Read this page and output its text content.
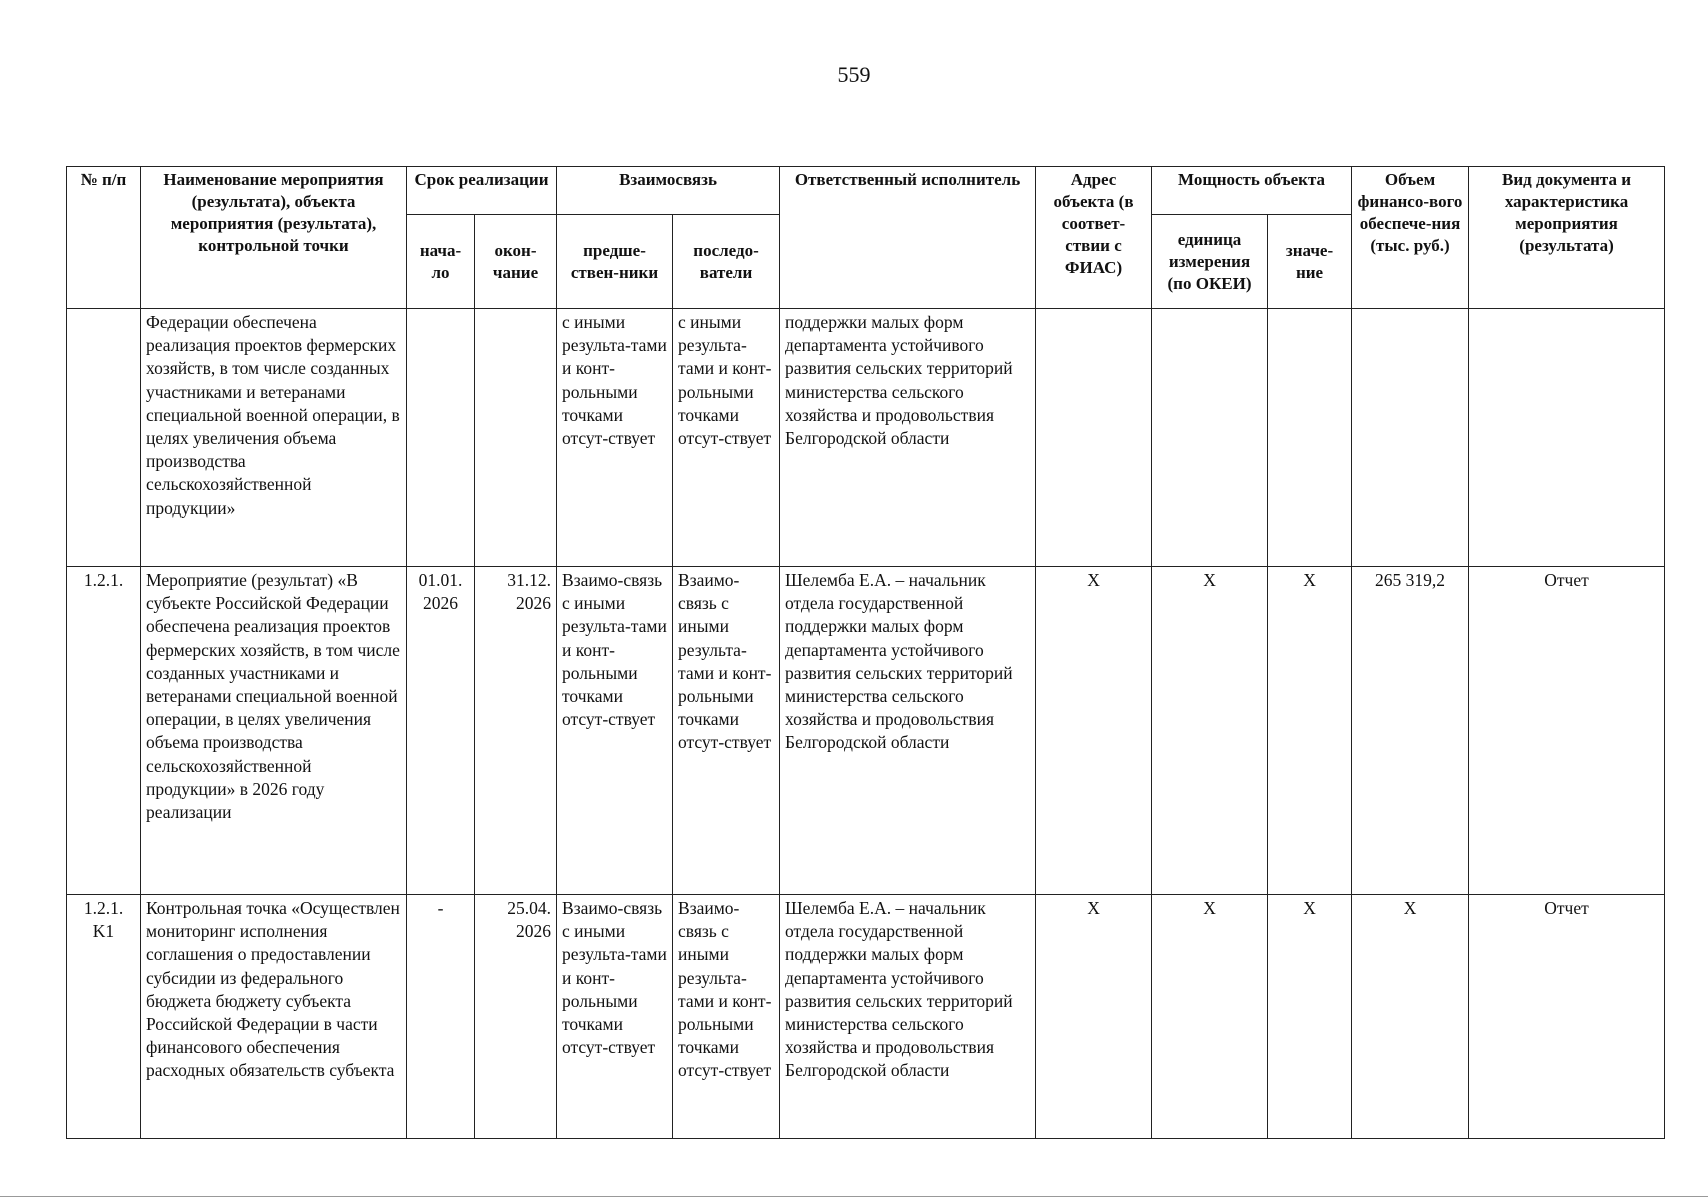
559
№ п/п	Наименование мероприятия (результата), объекта мероприятия (результата), контрольной точки	Срок реализации		Взаимосвязь		Ответственный исполнитель	Адрес объекта (в соответ-ствии с ФИАС)	Мощность объекта		Объем финансо-вого обеспече-ния (тыс. руб.)	Вид документа и характеристика мероприятия (результата)
		нача-ло	окон-чание	предше-ствен-ники	последо-ватели			единица измерения (по ОКЕИ)	значе-ние		
	Федерации обеспечена реализация проектов фермерских хозяйств, в том числе созданных участниками и ветеранами специальной военной операции, в целях увеличения объема производства сельскохозяйственной продукции»			с иными результа-тами и конт-рольными точками отсут-ствует	с иными результа-тами и конт-рольными точками отсут-ствует	поддержки малых форм департамента устойчивого развития сельских территорий министерства сельского хозяйства и продовольствия Белгородской области					
1.2.1.	Мероприятие (результат) «В субъекте Российской Федерации обеспечена реализация проектов фермерских хозяйств, в том числе созданных участниками и ветеранами специальной военной операции, в целях увеличения объема производства сельскохозяйственной продукции» в 2026 году реализации	01.01. 2026	31.12. 2026	Взаимо-связь с иными результа-тами и конт-рольными точками отсут-ствует	Взаимо-связь с иными результа-тами и конт-рольными точками отсут-ствует	Шелемба Е.А. – начальник отдела государственной поддержки малых форм департамента устойчивого развития сельских территорий министерства сельского хозяйства и продовольствия Белгородской области	X	X	X	265 319,2	Отчет
1.2.1. K1	Контрольная точка «Осуществлен мониторинг исполнения соглашения о предоставлении субсидии из федерального бюджета бюджету субъекта Российской Федерации в части финансового обеспечения расходных обязательств субъекта	-	25.04. 2026	Взаимо-связь с иными результа-тами и конт-рольными точками отсут-ствует	Взаимо-связь с иными результа-тами и конт-рольными точками отсут-ствует	Шелемба Е.А. – начальник отдела государственной поддержки малых форм департамента устойчивого развития сельских территорий министерства сельского хозяйства и продовольствия Белгородской области	X	X	X	X	Отчет
